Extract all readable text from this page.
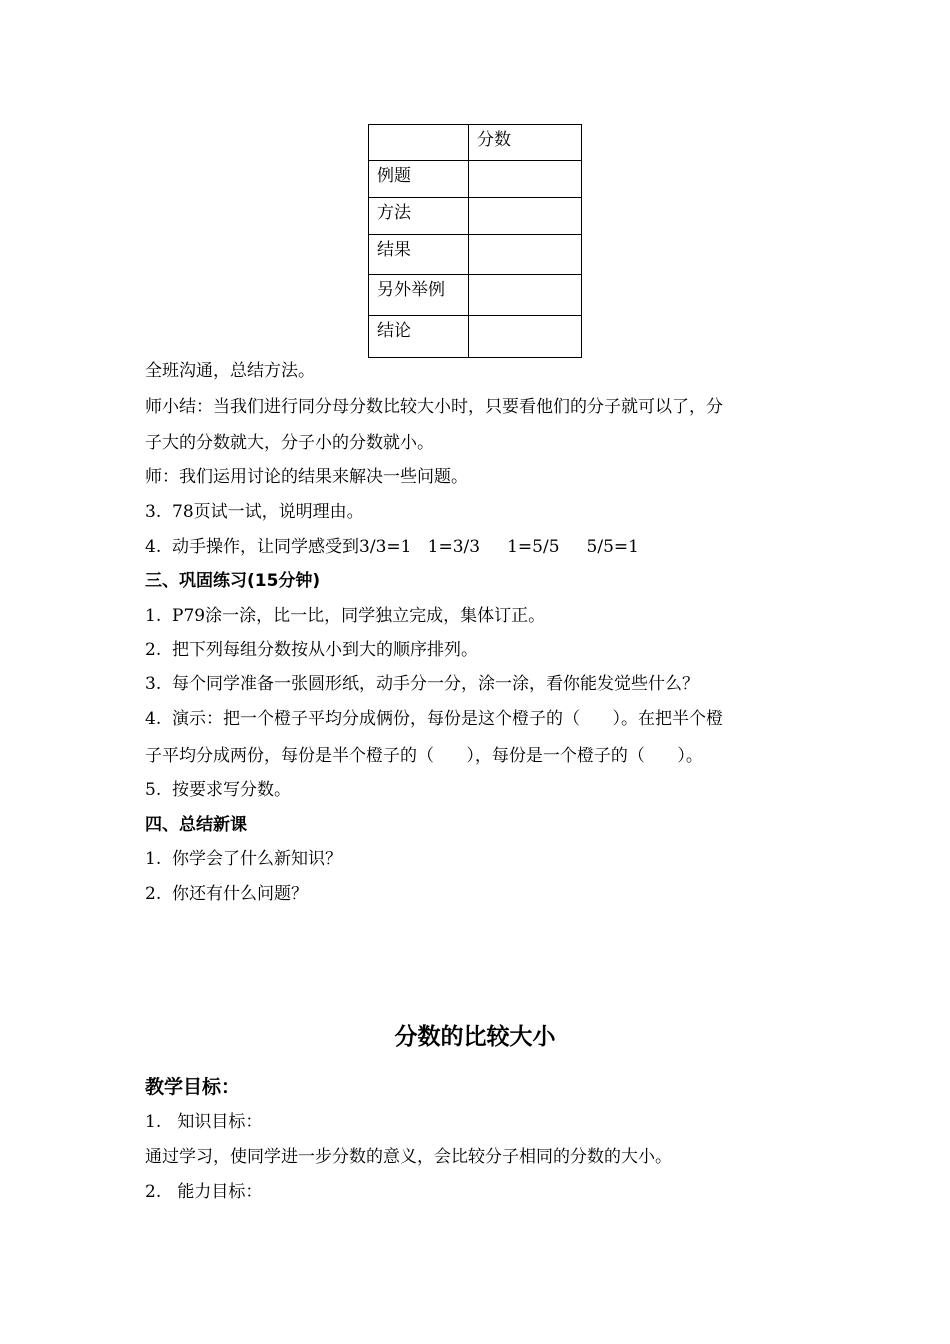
	分数
例题	
方法	
结果	
另外举例	
结论	
全班沟通，总结方法。
师小结：当我们进行同分母分数比较大小时，只要看他们的分子就可以了，分
子大的分数就大，分子小的分数就小。
师：我们运用讨论的结果来解决一些问题。
3.  78页试一试，说明理由。
4.  动手操作，让同学感受到3/3=1   1=3/3     1=5/5     5/5=1
三、巩固练习(15分钟)
1.  P79涂一涂，比一比，同学独立完成，集体订正。
2.  把下列每组分数按从小到大的顺序排列。
3.  每个同学准备一张圆形纸，动手分一分，涂一涂，看你能发觉些什么？
4.  演示：把一个橙子平均分成俩份，每份是这个橙子的（      ）。在把半个橙
子平均分成两份，每份是半个橙子的（      ），每份是一个橙子的（      ）。
5.  按要求写分数。
四、总结新课
1.  你学会了什么新知识？
2.  你还有什么问题？
分数的比较大小
教学目标：
1.   知识目标：
通过学习，使同学进一步分数的意义，会比较分子相同的分数的大小。
2.   能力目标：
